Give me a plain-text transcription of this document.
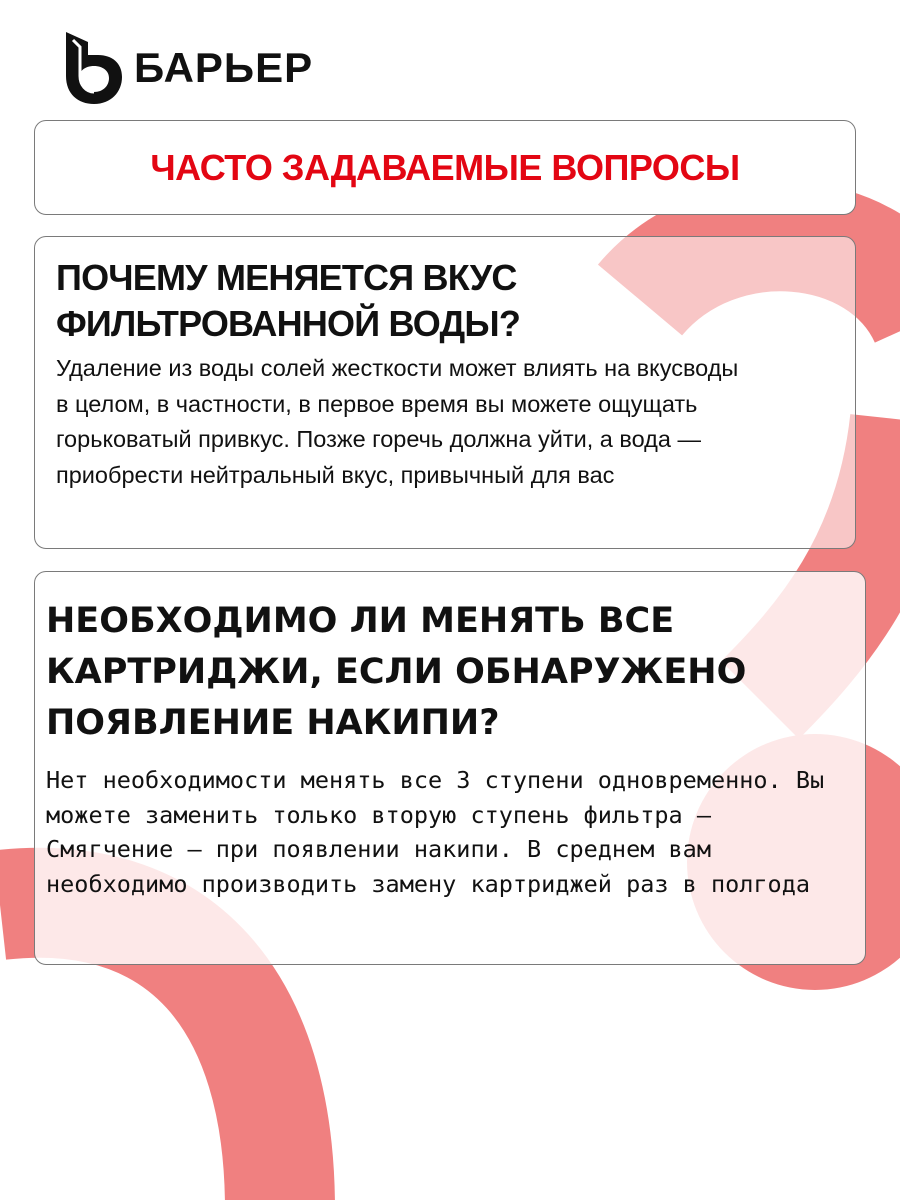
БАРЬЕР
ЧАСТО ЗАДАВАЕМЫЕ ВОПРОСЫ
ПОЧЕМУ МЕНЯЕТСЯ ВКУС ФИЛЬТРОВАННОЙ ВОДЫ?

Удаление из воды солей жесткости может влиять на вкусводы в целом, в частности, в первое время вы можете ощущать горьковатый привкус. Позже горечь должна уйти, а вода — приобрести нейтральный вкус, привычный для вас

НЕОБХОДИМО ЛИ МЕНЯТЬ ВСЕ КАРТРИДЖИ, ЕСЛИ ОБНАРУЖЕНО ПОЯВЛЕНИЕ НАКИПИ?

Нет необходимости менять все 3 ступени одновременно. Вы можете заменить только вторую ступень фильтра – Смягчение – при появлении накипи. В среднем вам необходимо производить замену картриджей раз в полгода
